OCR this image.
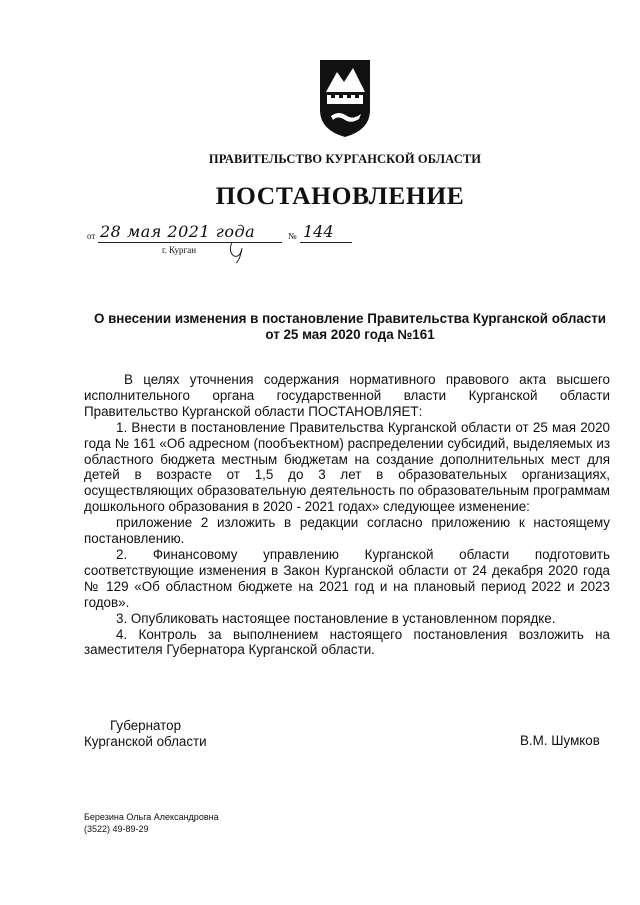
ПРАВИТЕЛЬСТВО КУРГАНСКОЙ ОБЛАСТИ
ПОСТАНОВЛЕНИЕ
от 28 мая 2021 года	№ 144
г. Курган
О внесении изменения в постановление Правительства Курганской области
от 25 мая 2020 года №161

В целях уточнения содержания нормативного правового акта высшего исполнительного органа государственной власти Курганской области Правительство Курганской области ПОСТАНОВЛЯЕТ:

1. Внести в постановление Правительства Курганской области от 25 мая 2020 года № 161 «Об адресном (пообъектном) распределении субсидий, выделяемых из областного бюджета местным бюджетам на создание дополнительных мест для детей в возрасте от 1,5 до 3 лет в образовательных организациях, осуществляющих образовательную деятельность по образовательным программам дошкольного образования в 2020 - 2021 годах» следующее изменение:

приложение 2 изложить в редакции согласно приложению к настоящему постановлению.

2. Финансовому управлению Курганской области подготовить соответствующие изменения в Закон Курганской области от 24 декабря 2020 года № 129 «Об областном бюджете на 2021 год и на плановый период 2022 и 2023 годов».

3. Опубликовать настоящее постановление в установленном порядке.

4. Контроль за выполнением настоящего постановления возложить на заместителя Губернатора Курганской области.

Губернатор
Курганской области	В.М. Шумков
Березина Ольга Александровна
(3522) 49-89-29
